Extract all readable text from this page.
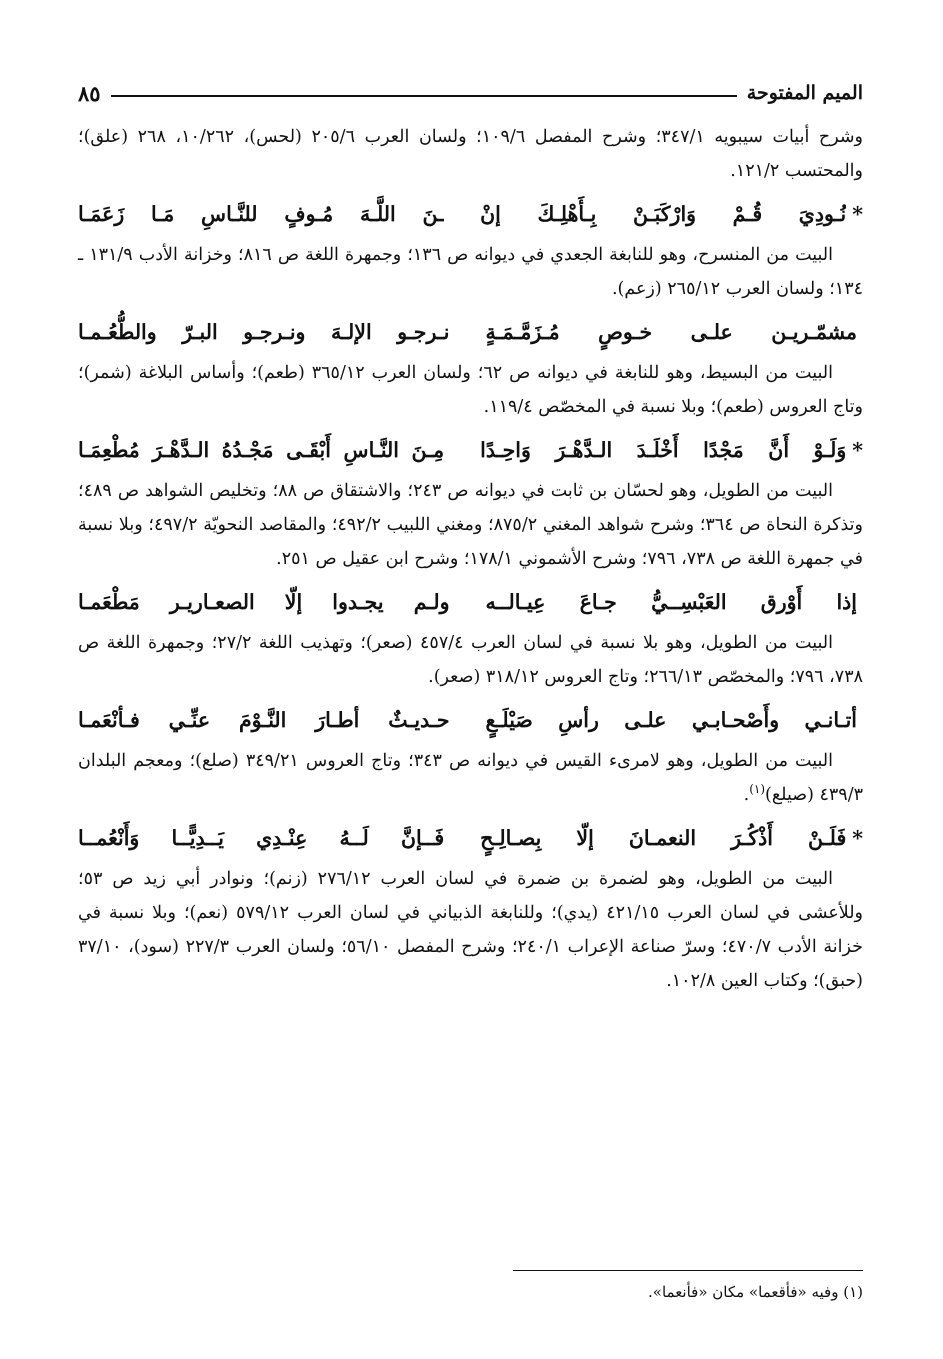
الميم المفتوحة
٨٥

وشرح أبيات سيبويه ٣٤٧/١؛ وشرح المفصل ١٠٩/٦؛ ولسان العرب ٢٠٥/٦ (لحس)، ١٠/٢٦٢، ٢٦٨ (علق)؛ والمحتسب ١٢١/٢.

*
نُـودِيَ قُـمْ وَارْكَبَـنْ بِـأَهْلِـكَ إنْ
ـنَ اللَّـهَ مُـوفٍ للنَّـاسِ مَـا زَعَمَـا

البيت من المنسرح، وهو للنابغة الجعدي في ديوانه ص ١٣٦؛ وجمهرة اللغة ص ٨١٦؛ وخزانة الأدب ١٣١/٩ ـ ١٣٤؛ ولسان العرب ٢٦٥/١٢ (زعم).

مشمّـريـن علـى خـوصٍ مُـزَمَّـمَـةٍ
نـرجـو الإلـهَ ونـرجـو البـرّ والطُّعُـمـا

البيت من البسيط، وهو للنابغة في ديوانه ص ٦٢؛ ولسان العرب ٣٦٥/١٢ (طعم)؛ وأساس البلاغة (شمر)؛ وتاج العروس (طعم)؛ وبلا نسبة في المخصّص ١١٩/٤.

*
وَلَـوْ أَنَّ مَجْدًا أَخْلَـدَ الـدَّهْـرَ وَاحِـدًا
مِـنَ النَّـاسِ أَبْقَـى مَجْـدُهُ الـدَّهْـرَ مُطْعِمَـا

البيت من الطويل، وهو لحسّان بن ثابت في ديوانه ص ٢٤٣؛ والاشتقاق ص ٨٨؛ وتخليص الشواهد ص ٤٨٩؛ وتذكرة النحاة ص ٣٦٤؛ وشرح شواهد المغني ٨٧٥/٢؛ ومغني اللبيب ٤٩٢/٢؛ والمقاصد النحويّة ٤٩٧/٢؛ وبلا نسبة في جمهرة اللغة ص ٧٣٨، ٧٩٦؛ وشرح الأشموني ١٧٨/١؛ وشرح ابن عقيل ص ٢٥١.

إذا أَوْرق العَبْسِــيُّ جـاعَ عِيـالــه
ولـم يجـدوا إلّا الصعـاريـر مَطْعَمـا

البيت من الطويل، وهو بلا نسبة في لسان العرب ٤٥٧/٤ (صعر)؛ وتهذيب اللغة ٢٧/٢؛ وجمهرة اللغة ص ٧٣٨، ٧٩٦؛ والمخصّص ٢٦٦/١٣؛ وتاج العروس ٣١٨/١٢ (صعر).

أتـانـي وأَصْحـابـي علـى رأسِ صَيْلَـعٍ
حـديـثٌ أطـارَ النَّـوْمَ عنِّـي فـأنْعَمـا

البيت من الطويل، وهو لامرىء القيس في ديوانه ص ٣٤٣؛ وتاج العروس ٣٤٩/٢١ (صلع)؛ ومعجم البلدان ٤٣٩/٣ (صيلع)$^{(١)}$.

*
فَلَـنْ أَذْكُـرَ النعمـانَ إلّا بِصـالِـحٍ
فَــإنَّ لَــهُ عِنْـدِي يَــدِيًّــا وَأَنْعُمــا

البيت من الطويل، وهو لضمرة بن ضمرة في لسان العرب ٢٧٦/١٢ (زنم)؛ ونوادر أبي زيد ص ٥٣؛ وللأعشى في لسان العرب ٤٢١/١٥ (يدي)؛ وللنابغة الذبياني في لسان العرب ٥٧٩/١٢ (نعم)؛ وبلا نسبة في خزانة الأدب ٤٧٠/٧؛ وسرّ صناعة الإعراب ٢٤٠/١؛ وشرح المفصل ٥٦/١٠؛ ولسان العرب ٢٢٧/٣ (سود)، ٣٧/١٠ (حبق)؛ وكتاب العين ١٠٢/٨.

(١) وفيه «فأقعما» مكان «فأنعما».
